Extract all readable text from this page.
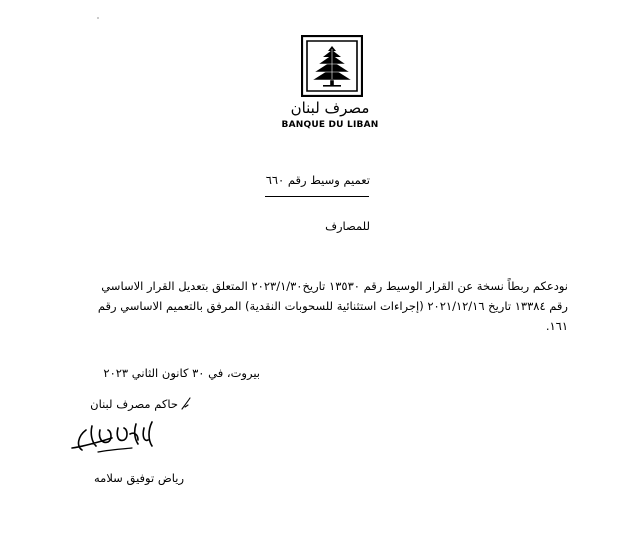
مصرف لبنان
BANQUE DU LIBAN
تعميم وسيط رقم ٦٦٠
للمصارف
نودعكم ربطاً نسخة عن القرار الوسيط رقم ١٣٥٣٠ تاريخ٢٠٢٣/١/٣٠ المتعلق بتعديل القرار الاساسي رقم ١٣٣٨٤ تاريخ ٢٠٢١/١٢/١٦ (إجراءات استثنائية للسحوبات النقدية) المرفق بالتعميم الاساسي رقم ١٦١.
بيروت، في ٣٠ كانون الثاني ٢٠٢٣
حاكم مصرف لبنان
رياض توفيق سلامه
